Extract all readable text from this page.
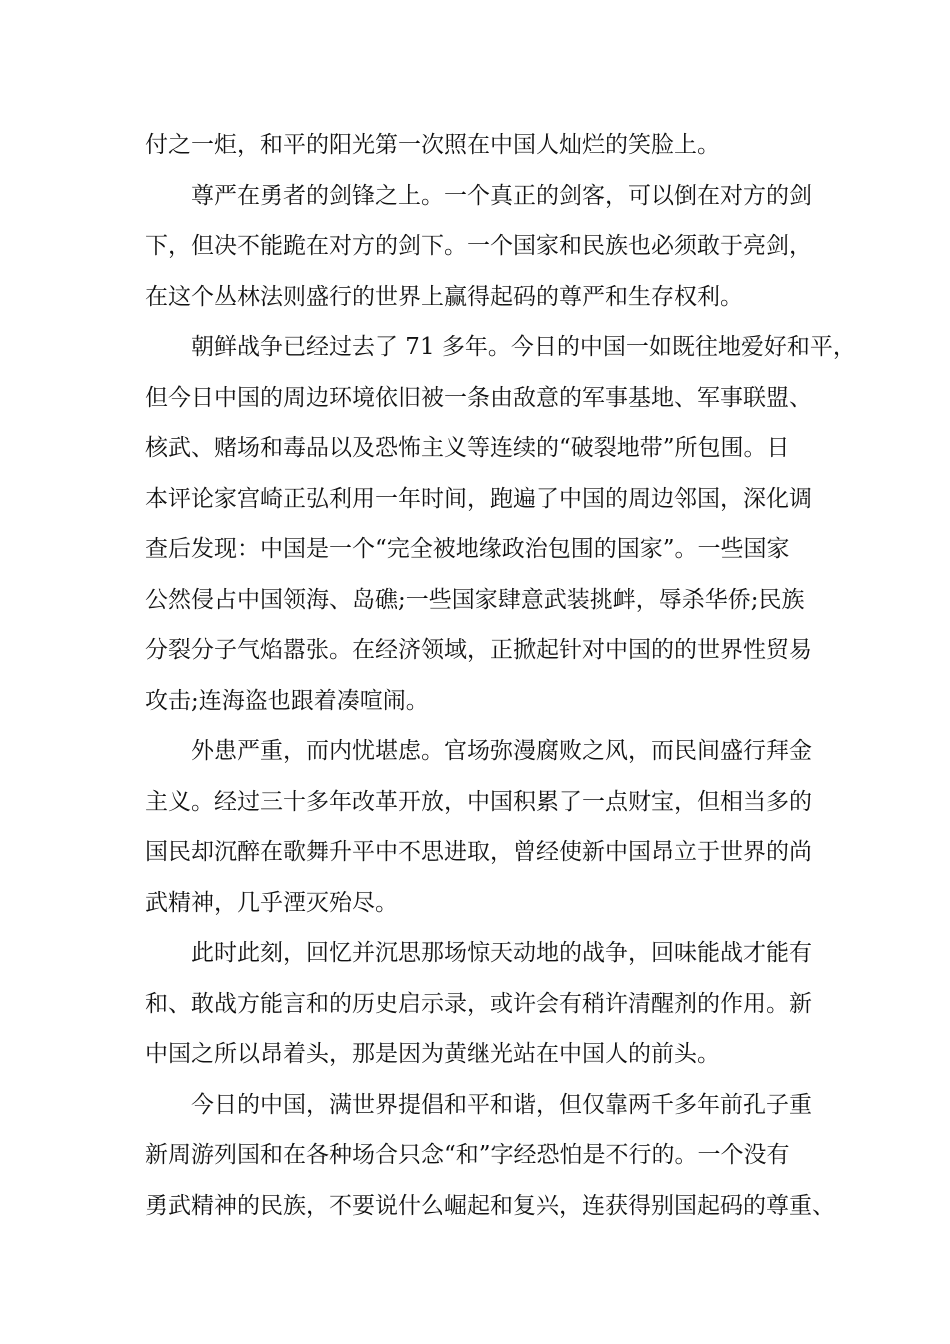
付之一炬，和平的阳光第一次照在中国人灿烂的笑脸上。
尊严在勇者的剑锋之上。一个真正的剑客，可以倒在对方的剑
下，但决不能跪在对方的剑下。一个国家和民族也必须敢于亮剑，
在这个丛林法则盛行的世界上赢得起码的尊严和生存权利。
朝鲜战争已经过去了 71 多年。今日的中国一如既往地爱好和平，
但今日中国的周边环境依旧被一条由敌意的军事基地、军事联盟、
核武、赌场和毒品以及恐怖主义等连续的“破裂地带”所包围。日
本评论家宫崎正弘利用一年时间，跑遍了中国的周边邻国，深化调
查后发现：中国是一个“完全被地缘政治包围的国家”。一些国家
公然侵占中国领海、岛礁;一些国家肆意武装挑衅，辱杀华侨;民族
分裂分子气焰嚣张。在经济领域，正掀起针对中国的的世界性贸易
攻击;连海盗也跟着凑喧闹。
外患严重，而内忧堪虑。官场弥漫腐败之风，而民间盛行拜金
主义。经过三十多年改革开放，中国积累了一点财宝，但相当多的
国民却沉醉在歌舞升平中不思进取，曾经使新中国昂立于世界的尚
武精神，几乎湮灭殆尽。
此时此刻，回忆并沉思那场惊天动地的战争，回味能战才能有
和、敢战方能言和的历史启示录，或许会有稍许清醒剂的作用。新
中国之所以昂着头，那是因为黄继光站在中国人的前头。
今日的中国，满世界提倡和平和谐，但仅靠两千多年前孔子重
新周游列国和在各种场合只念“和”字经恐怕是不行的。一个没有
勇武精神的民族，不要说什么崛起和复兴，连获得别国起码的尊重、
